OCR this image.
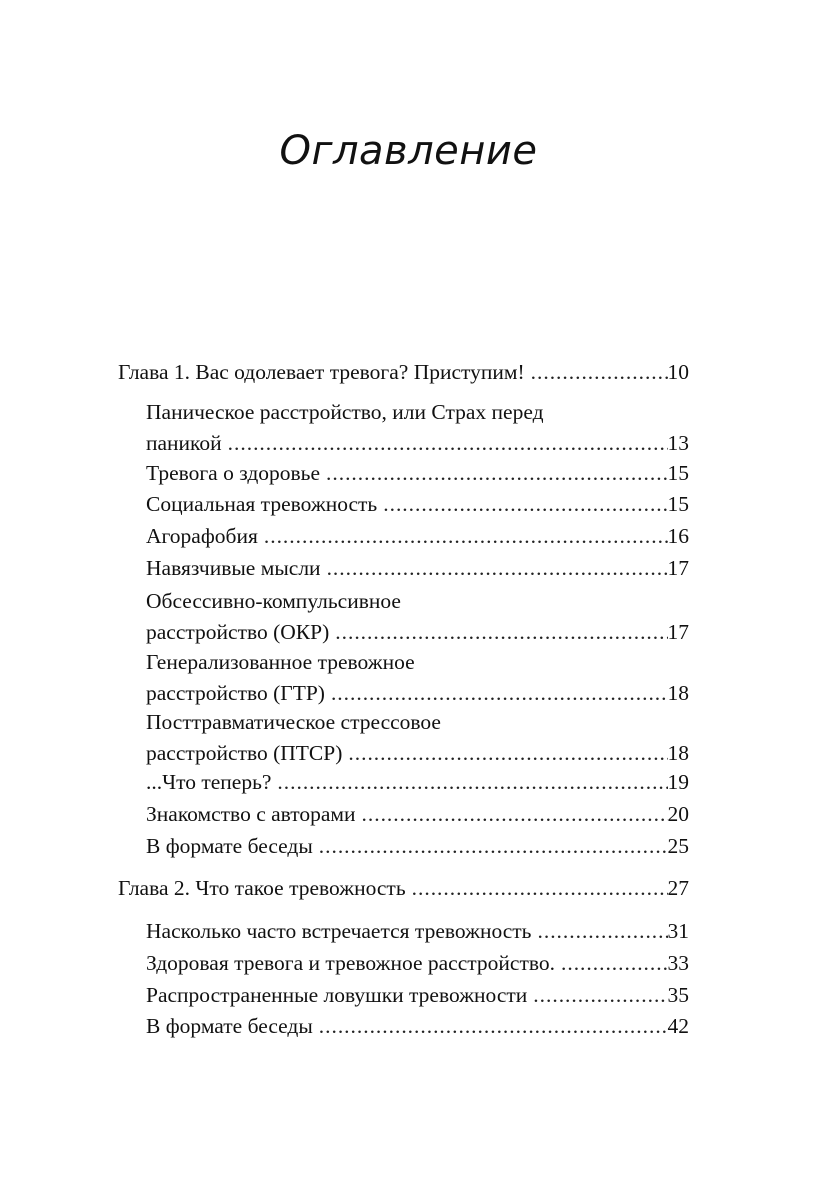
Оглавление
Глава 1. Вас одолевает тревога? Приступим! . . .	10
Паническое расстройство, или Страх перед
паникой . . .	13
Тревога о здоровье . . .	15
Социальная тревожность . . .	15
Агорафобия . . .	16
Навязчивые мысли . . .	17
Обсессивно-компульсивное
расстройство (ОКР) . . .	17
Генерализованное тревожное
расстройство (ГТР) . . .	18
Посттравматическое стрессовое
расстройство (ПТСР) . . .	18
...Что теперь? . . .	19
Знакомство с авторами . . .	20
В формате беседы . . .	25
Глава 2. Что такое тревожность . . .	27
Насколько часто встречается тревожность . . .	31
Здоровая тревога и тревожное расстройство. . . .	33
Распространенные ловушки тревожности . . .	35
В формате беседы . . .	42
